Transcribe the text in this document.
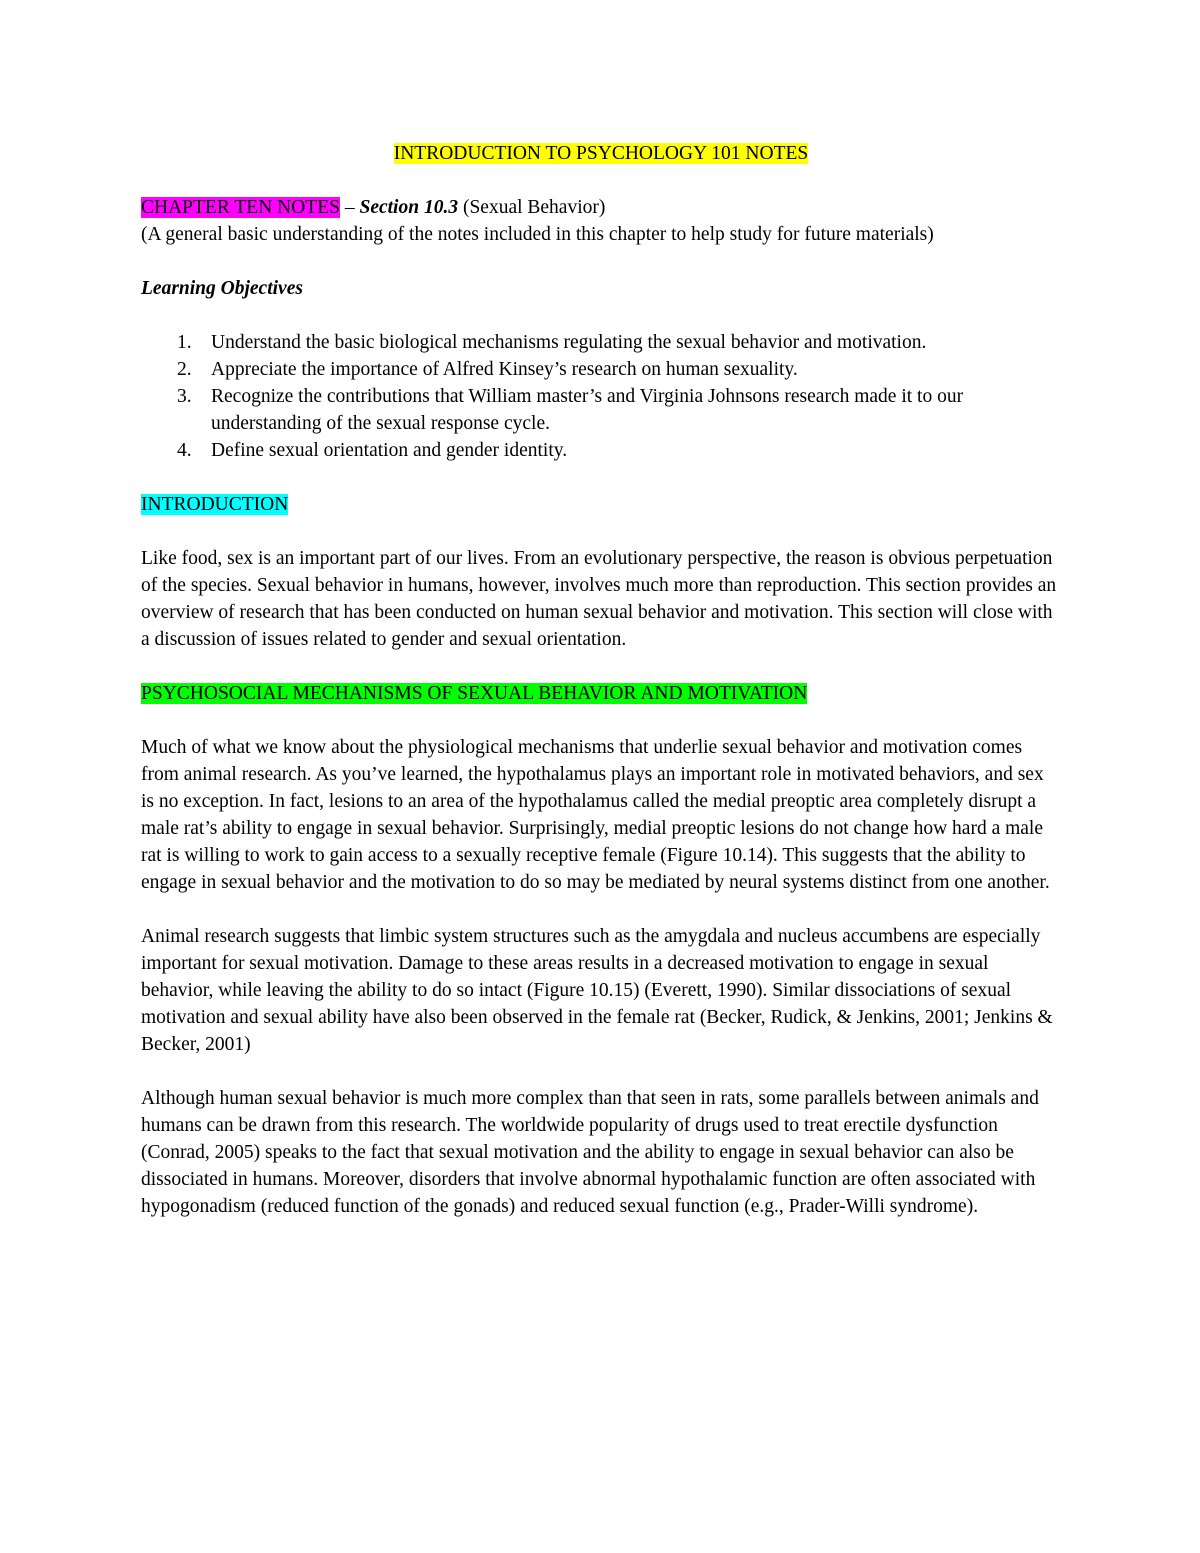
INTRODUCTION TO PSYCHOLOGY 101 NOTES

CHAPTER TEN NOTES – Section 10.3 (Sexual Behavior)

(A general basic understanding of the notes included in this chapter to help study for future materials)

Learning Objectives

1. Understand the basic biological mechanisms regulating the sexual behavior and motivation.
2. Appreciate the importance of Alfred Kinsey’s research on human sexuality.
3. Recognize the contributions that William master’s and Virginia Johnsons research made it to our understanding of the sexual response cycle.
4. Define sexual orientation and gender identity.

INTRODUCTION

Like food, sex is an important part of our lives. From an evolutionary perspective, the reason is obvious perpetuation of the species. Sexual behavior in humans, however, involves much more than reproduction. This section provides an overview of research that has been conducted on human sexual behavior and motivation. This section will close with a discussion of issues related to gender and sexual orientation.

PSYCHOSOCIAL MECHANISMS OF SEXUAL BEHAVIOR AND MOTIVATION

Much of what we know about the physiological mechanisms that underlie sexual behavior and motivation comes from animal research. As you’ve learned, the hypothalamus plays an important role in motivated behaviors, and sex is no exception. In fact, lesions to an area of the hypothalamus called the medial preoptic area completely disrupt a male rat’s ability to engage in sexual behavior. Surprisingly, medial preoptic lesions do not change how hard a male rat is willing to work to gain access to a sexually receptive female (Figure 10.14). This suggests that the ability to engage in sexual behavior and the motivation to do so may be mediated by neural systems distinct from one another.

Animal research suggests that limbic system structures such as the amygdala and nucleus accumbens are especially important for sexual motivation. Damage to these areas results in a decreased motivation to engage in sexual behavior, while leaving the ability to do so intact (Figure 10.15) (Everett, 1990). Similar dissociations of sexual motivation and sexual ability have also been observed in the female rat (Becker, Rudick, & Jenkins, 2001; Jenkins & Becker, 2001)

Although human sexual behavior is much more complex than that seen in rats, some parallels between animals and humans can be drawn from this research. The worldwide popularity of drugs used to treat erectile dysfunction (Conrad, 2005) speaks to the fact that sexual motivation and the ability to engage in sexual behavior can also be dissociated in humans. Moreover, disorders that involve abnormal hypothalamic function are often associated with hypogonadism (reduced function of the gonads) and reduced sexual function (e.g., Prader-Willi syndrome).
